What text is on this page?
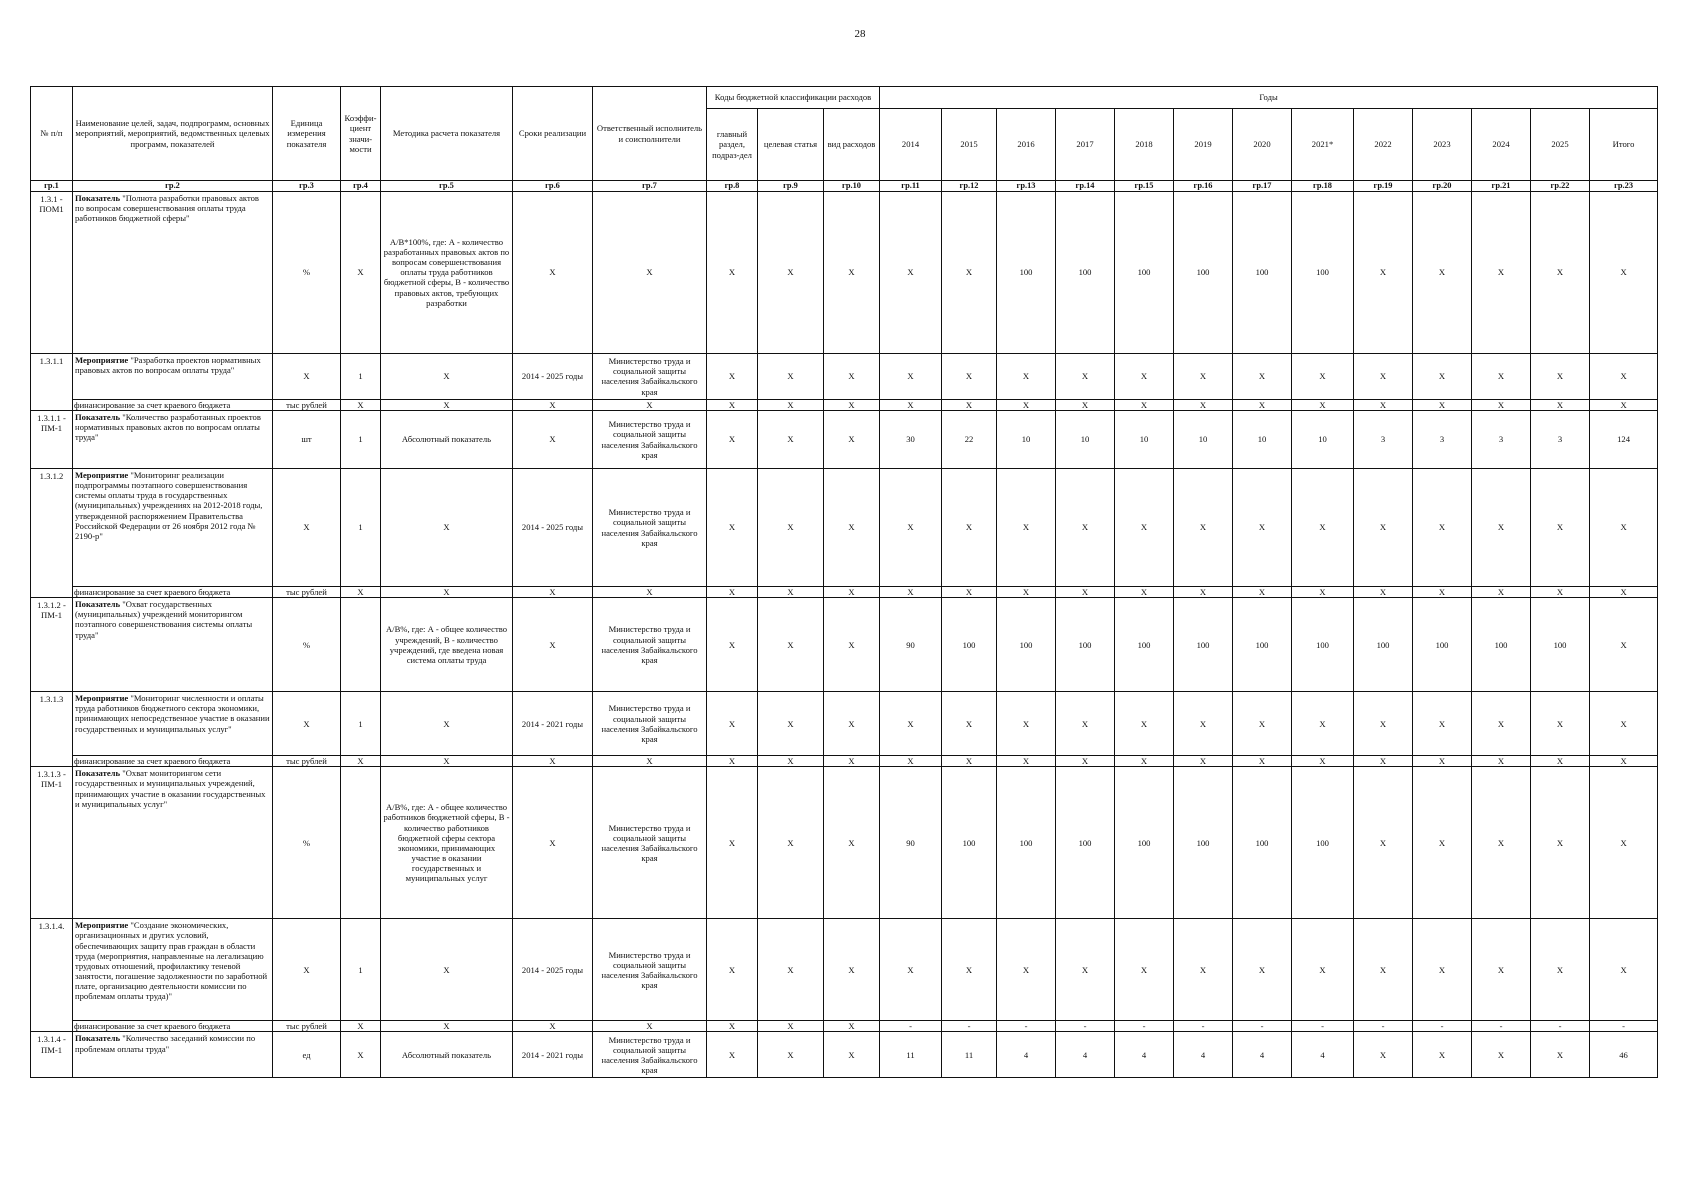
28
№ п/п	Наименование целей, задач, подпрограмм, основных мероприятий, мероприятий, ведомственных целевых программ, показателей	Единица измерения показателя	Коэффи-циент значи-мости	Методика расчета показателя	Сроки реализации	Ответственный исполнитель и соисполнители	Коды бюджетной классификации расходов			Годы												
							главный раздел, подраз-дел	целевая статья	вид расходов	2014	2015	2016	2017	2018	2019	2020	2021*	2022	2023	2024	2025	Итого
гр.1	гр.2	гр.3	гр.4	гр.5	гр.6	гр.7	гр.8	гр.9	гр.10	гр.11	гр.12	гр.13	гр.14	гр.15	гр.16	гр.17	гр.18	гр.19	гр.20	гр.21	гр.22	гр.23
1.3.1 - ПОМ1	Показатель "Полнота разработки правовых актов по вопросам совершенствования оплаты труда работников бюджетной сферы"	%	X	А/В*100%, где: А - количество разработанных правовых актов по вопросам совершенствования оплаты труда работников бюджетной сферы, В - количество правовых актов, требующих разработки	X	X	X	X	X	X	X	100	100	100	100	100	100	X	X	X	X	X
1.3.1.1	Мероприятие "Разработка проектов нормативных правовых актов по вопросам оплаты труда"	X	1	X	2014 - 2025 годы	Министерство труда и социальной защиты населения Забайкальского края	X	X	X	X	X	X	X	X	X	X	X	X	X	X	X	X
	финансирование за счет краевого бюджета	тыс рублей	X	X	X	X	X	X	X	X	X	X	X	X	X	X	X	X	X	X	X	X
1.3.1.1 - ПМ-1	Показатель "Количество разработанных проектов нормативных правовых актов по вопросам оплаты труда"	шт	1	Абсолютный показатель	X	Министерство труда и социальной защиты населения Забайкальского края	X	X	X	30	22	10	10	10	10	10	10	3	3	3	3	124
1.3.1.2	Мероприятие "Мониторинг реализации подпрограммы поэтапного совершенствования системы оплаты труда в государственных (муниципальных) учреждениях на 2012-2018 годы, утвержденной распоряжением Правительства Российской Федерации от 26 ноября 2012 года № 2190-р"	X	1	X	2014 - 2025 годы	Министерство труда и социальной защиты населения Забайкальского края	X	X	X	X	X	X	X	X	X	X	X	X	X	X	X	X
	финансирование за счет краевого бюджета	тыс рублей	X	X	X	X	X	X	X	X	X	X	X	X	X	X	X	X	X	X	X	X
1.3.1.2 - ПМ-1	Показатель "Охват государственных (муниципальных) учреждений мониторингом поэтапного совершенствования системы оплаты труда"	%		А/В%, где: А - общее количество учреждений, В - количество учреждений, где введена новая система оплаты труда	X	Министерство труда и социальной защиты населения Забайкальского края	X	X	X	90	100	100	100	100	100	100	100	100	100	100	100	X
1.3.1.3	Мероприятие "Мониторинг численности и оплаты труда работников бюджетного сектора экономики, принимающих непосредственное участие в оказании государственных и муниципальных услуг"	X	1	X	2014 - 2021 годы	Министерство труда и социальной защиты населения Забайкальского края	X	X	X	X	X	X	X	X	X	X	X	X	X	X	X	X
	финансирование за счет краевого бюджета	тыс рублей	X	X	X	X	X	X	X	X	X	X	X	X	X	X	X	X	X	X	X	X
1.3.1.3 - ПМ-1	Показатель "Охват мониторингом сети государственных и муниципальных учреждений, принимающих участие в оказании государственных и муниципальных услуг"	%		А/В%, где: А - общее количество работников бюджетной сферы, В - количество работников бюджетной сферы сектора экономики, принимающих участие в оказании государственных и муниципальных услуг	X	Министерство труда и социальной защиты населения Забайкальского края	X	X	X	90	100	100	100	100	100	100	100	X	X	X	X	X
1.3.1.4.	Мероприятие "Создание экономических, организационных и других условий, обеспечивающих защиту прав граждан в области труда (мероприятия, направленные на легализацию трудовых отношений, профилактику теневой занятости, погашение задолженности по заработной плате, организацию деятельности комиссии по проблемам оплаты труда)"	X	1	X	2014 - 2025 годы	Министерство труда и социальной защиты населения Забайкальского края	X	X	X	X	X	X	X	X	X	X	X	X	X	X	X	X
	финансирование за счет краевого бюджета	тыс рублей	X	X	X	X	X	X	X	-	-	-	-	-	-	-	-	-	-	-	-	-
1.3.1.4 - ПМ-1	Показатель "Количество заседаний комиссии по проблемам оплаты труда"	ед	X	Абсолютный показатель	2014 - 2021 годы	Министерство труда и социальной защиты населения Забайкальского края	X	X	X	11	11	4	4	4	4	4	4	X	X	X	X	46
